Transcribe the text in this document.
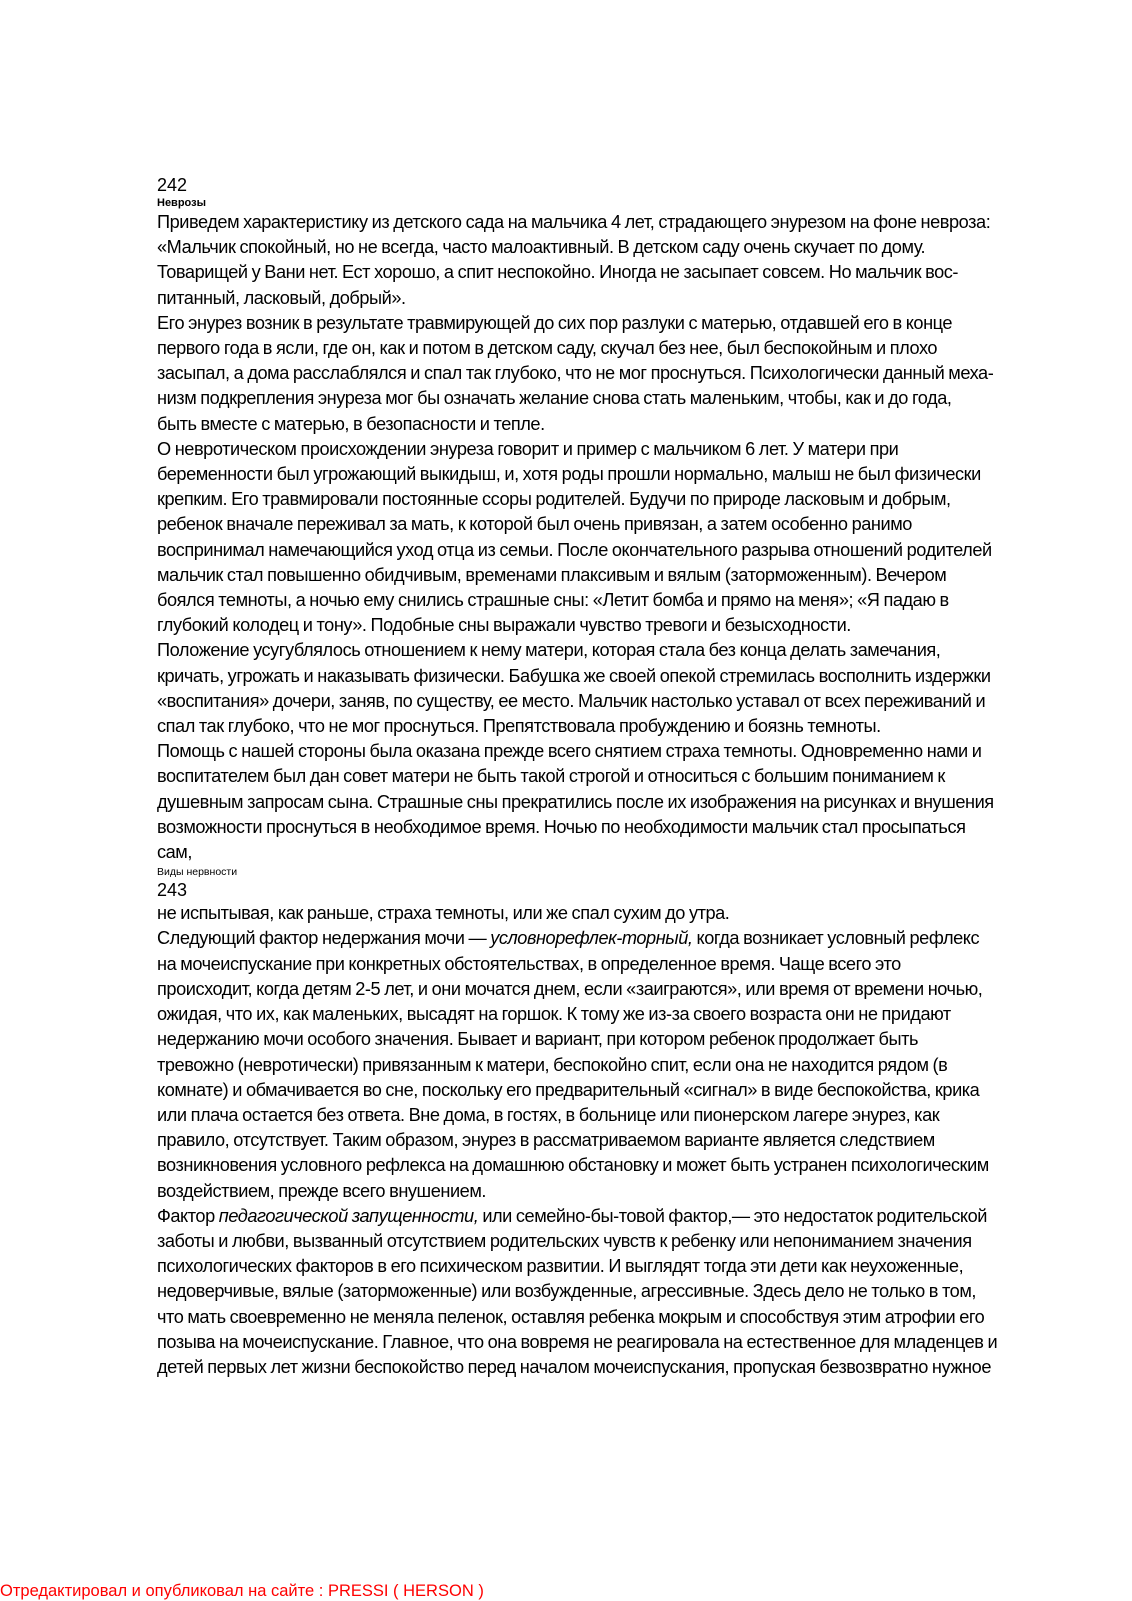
242

Неврозы

Приведем характеристику из детского сада на мальчика 4 лет, страдающего энурезом на фоне невроза:
«Мальчик спокойный, но не всегда, часто малоактивный. В детском саду очень скучает по дому.
Товарищей у Вани нет. Ест хорошо, а спит неспокойно. Иногда не засыпает совсем. Но мальчик вос-
питанный, ласковый, добрый».

Его энурез возник в результате травмирующей до сих пор разлуки с матерью, отдавшей его в конце
первого года в ясли, где он, как и потом в детском саду, скучал без нее, был беспокойным и плохо
засыпал, а дома расслаблялся и спал так глубоко, что не мог проснуться. Психологически данный меха-
низм подкрепления энуреза мог бы означать желание снова стать маленьким, чтобы, как и до года,
быть вместе с матерью, в безопасности и тепле.

О невротическом происхождении энуреза говорит и пример с мальчиком 6 лет. У матери при
беременности был угрожающий выкидыш, и, хотя роды прошли нормально, малыш не был физически
крепким. Его травмировали постоянные ссоры родителей. Будучи по природе ласковым и добрым,
ребенок вначале переживал за мать, к которой был очень привязан, а затем особенно ранимо
воспринимал намечающийся уход отца из семьи. После окончательного разрыва отношений родителей
мальчик стал повышенно обидчивым, временами плаксивым и вялым (заторможенным). Вечером
боялся темноты, а ночью ему снились страшные сны: «Летит бомба и прямо на меня»; «Я падаю в
глубокий колодец и тону». Подобные сны выражали чувство тревоги и безысходности.

Положение усугублялось отношением к нему матери, которая стала без конца делать замечания,
кричать, угрожать и наказывать физически. Бабушка же своей опекой стремилась восполнить издержки
«воспитания» дочери, заняв, по существу, ее место. Мальчик настолько уставал от всех переживаний и
спал так глубоко, что не мог проснуться. Препятствовала пробуждению и боязнь темноты.

Помощь с нашей стороны была оказана прежде всего снятием страха темноты. Одновременно нами и
воспитателем был дан совет матери не быть такой строгой и относиться с большим пониманием к
душевным запросам сына. Страшные сны прекратились после их изображения на рисунках и внушения
возможности проснуться в необходимое время. Ночью по необходимости мальчик стал просыпаться
сам,

Виды нервности

243

не испытывая, как раньше, страха темноты, или же спал сухим до утра.

Следующий фактор недержания мочи — условнорефлек-торный, когда возникает условный рефлекс
на мочеиспускание при конкретных обстоятельствах, в определенное время. Чаще всего это
происходит, когда детям 2-5 лет, и они мочатся днем, если «заиграются», или время от времени ночью,
ожидая, что их, как маленьких, высадят на горшок. К тому же из-за своего возраста они не придают
недержанию мочи особого значения. Бывает и вариант, при котором ребенок продолжает быть
тревожно (невротически) привязанным к матери, беспокойно спит, если она не находится рядом (в
комнате) и обмачивается во сне, поскольку его предварительный «сигнал» в виде беспокойства, крика
или плача остается без ответа. Вне дома, в гостях, в больнице или пионерском лагере энурез, как
правило, отсутствует. Таким образом, энурез в рассматриваемом варианте является следствием
возникновения условного рефлекса на домашнюю обстановку и может быть устранен психологическим
воздействием, прежде всего внушением.

Фактор педагогической запущенности, или семейно-бы-товой фактор,— это недостаток родительской
заботы и любви, вызванный отсутствием родительских чувств к ребенку или непониманием значения
психологических факторов в его психическом развитии. И выглядят тогда эти дети как неухоженные,
недоверчивые, вялые (заторможенные) или возбужденные, агрессивные. Здесь дело не только в том,
что мать своевременно не меняла пеленок, оставляя ребенка мокрым и способствуя этим атрофии его
позыва на мочеиспускание. Главное, что она вовремя не реагировала на естественное для младенцев и
детей первых лет жизни беспокойство перед началом мочеиспускания, пропуская безвозвратно нужное

Отредактировал и опубликовал на сайте : PRESSI ( HERSON )
